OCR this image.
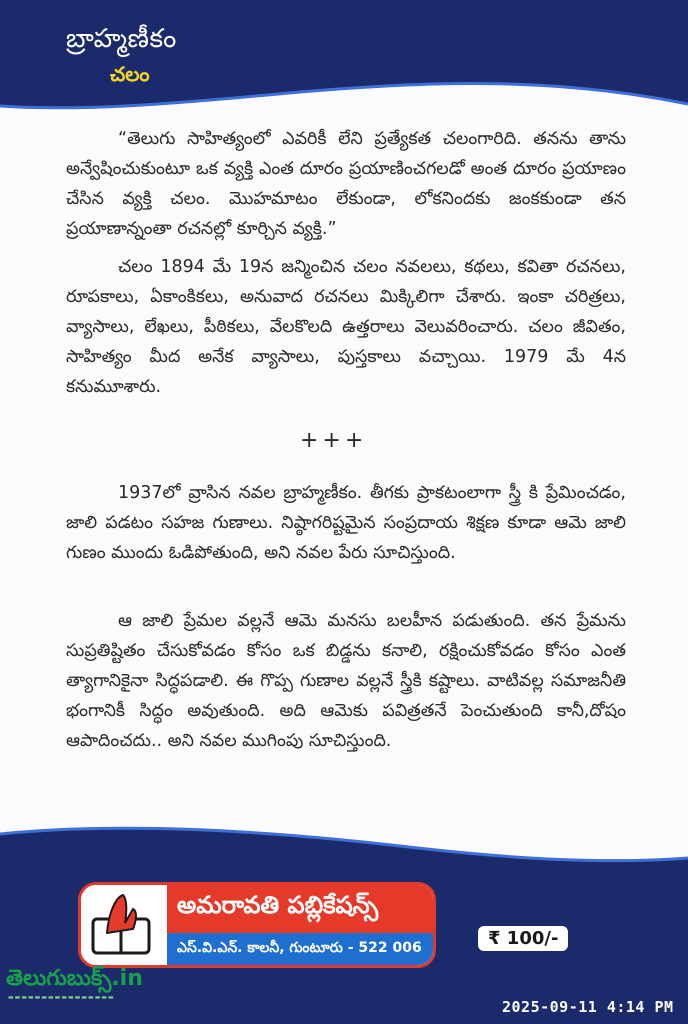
బ్రాహ్మణీకం
చలం

“తెలుగు సాహిత్యంలో ఎవరికీ లేని ప్రత్యేకత చలంగారిది. తనను తాను అన్వేషించుకుంటూ ఒక వ్యక్తి ఎంత దూరం ప్రయాణించగలడో అంత దూరం ప్రయాణం చేసిన వ్యక్తి చలం. మొహమాటం లేకుండా, లోకనిందకు జంకకుండా తన ప్రయాణాన్నంతా రచనల్లో కూర్చిన వ్యక్తి.”

చలం 1894 మే 19న జన్మించిన చలం నవలలు, కథలు, కవితా రచనలు, రూపకాలు, ఏకాంకికలు, అనువాద రచనలు మిక్కిలిగా చేశారు. ఇంకా చరిత్రలు, వ్యాసాలు, లేఖలు, పీఠికలు, వేలకొలది ఉత్తరాలు వెలువరించారు. చలం జీవితం, సాహిత్యం మీద అనేక వ్యాసాలు, పుస్తకాలు వచ్చాయి. 1979 మే 4న కనుమూశారు.

+++

1937లో వ్రాసిన నవల బ్రాహ్మణీకం. తీగకు ప్రాకటంలాగా స్త్రీ కి ప్రేమించడం, జాలి పడటం సహజ గుణాలు. నిష్ఠాగరిష్టమైన సంప్రదాయ శిక్షణ కూడా ఆమె జాలి గుణం ముందు ఓడిపోతుంది, అని నవల పేరు సూచిస్తుంది.

ఆ జాలి ప్రేమల వల్లనే ఆమె మనసు బలహీన పడుతుంది. తన ప్రేమను సుప్రతిష్టితం చేసుకోవడం కోసం ఒక బిడ్డను కనాలి, రక్షించుకోవడం కోసం ఎంత త్యాగానికైనా సిద్ధపడాలి. ఈ గొప్ప గుణాల వల్లనే స్త్రీకి కష్టాలు. వాటివల్ల సమాజనీతి భంగానికీ సిద్ధం అవుతుంది. అది ఆమెకు పవిత్రతనే పెంచుతుంది కానీ,దోషం ఆపాదించదు.. అని నవల ముగింపు సూచిస్తుంది.

అమరావతి పబ్లికేషన్స్
ఎస్.వి.ఎన్. కాలనీ, గుంటూరు - 522 006	₹ 100/-
తెలుగుబుక్స్.in
▬▬▬▬▬▬▬▬▬▬▬▬▬▬▬▬
2025-09-11 4:14 PM
